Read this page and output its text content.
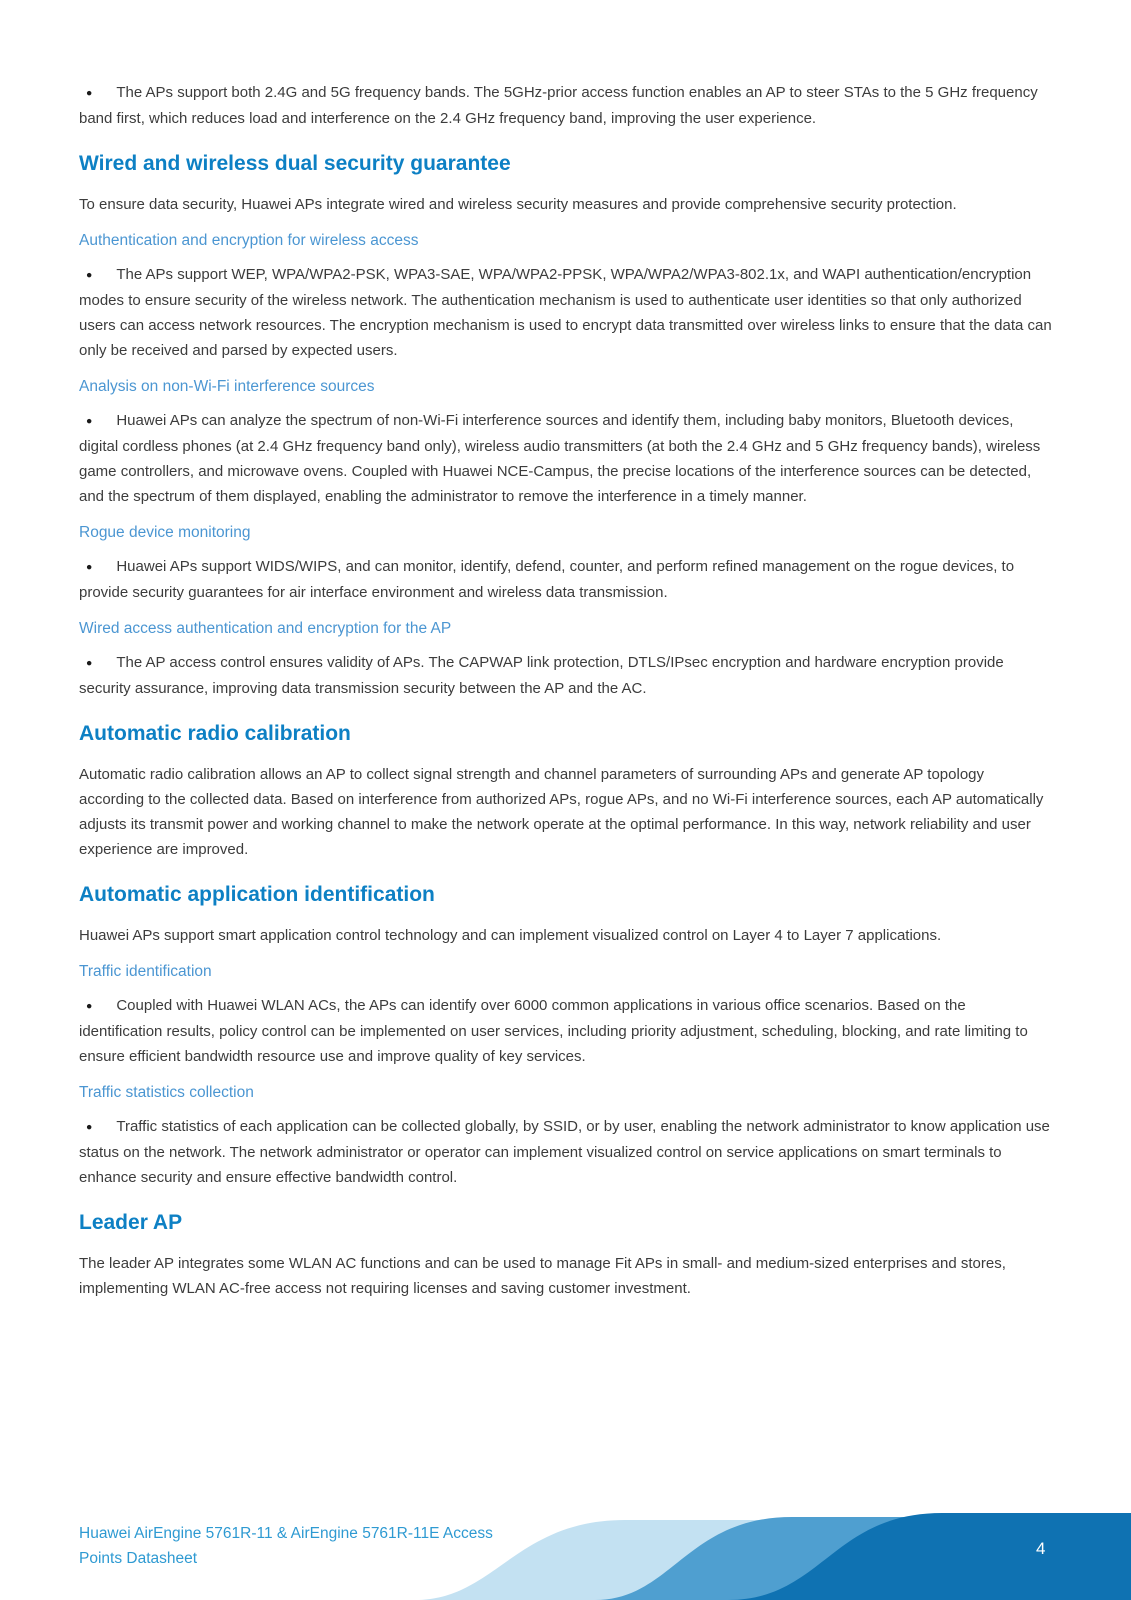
● The APs support both 2.4G and 5G frequency bands. The 5GHz-prior access function enables an AP to steer STAs to the 5 GHz frequency band first, which reduces load and interference on the 2.4 GHz frequency band, improving the user experience.

Wired and wireless dual security guarantee

To ensure data security, Huawei APs integrate wired and wireless security measures and provide comprehensive security protection.

Authentication and encryption for wireless access

● The APs support WEP, WPA/WPA2-PSK, WPA3-SAE, WPA/WPA2-PPSK, WPA/WPA2/WPA3-802.1x, and WAPI authentication/encryption modes to ensure security of the wireless network. The authentication mechanism is used to authenticate user identities so that only authorized users can access network resources. The encryption mechanism is used to encrypt data transmitted over wireless links to ensure that the data can only be received and parsed by expected users.

Analysis on non-Wi-Fi interference sources

● Huawei APs can analyze the spectrum of non-Wi-Fi interference sources and identify them, including baby monitors, Bluetooth devices, digital cordless phones (at 2.4 GHz frequency band only), wireless audio transmitters (at both the 2.4 GHz and 5 GHz frequency bands), wireless game controllers, and microwave ovens. Coupled with Huawei NCE-Campus, the precise locations of the interference sources can be detected, and the spectrum of them displayed, enabling the administrator to remove the interference in a timely manner.

Rogue device monitoring

● Huawei APs support WIDS/WIPS, and can monitor, identify, defend, counter, and perform refined management on the rogue devices, to provide security guarantees for air interface environment and wireless data transmission.

Wired access authentication and encryption for the AP

● The AP access control ensures validity of APs. The CAPWAP link protection, DTLS/IPsec encryption and hardware encryption provide security assurance, improving data transmission security between the AP and the AC.

Automatic radio calibration

Automatic radio calibration allows an AP to collect signal strength and channel parameters of surrounding APs and generate AP topology according to the collected data. Based on interference from authorized APs, rogue APs, and no Wi-Fi interference sources, each AP automatically adjusts its transmit power and working channel to make the network operate at the optimal performance. In this way, network reliability and user experience are improved.

Automatic application identification

Huawei APs support smart application control technology and can implement visualized control on Layer 4 to Layer 7 applications.

Traffic identification

● Coupled with Huawei WLAN ACs, the APs can identify over 6000 common applications in various office scenarios. Based on the identification results, policy control can be implemented on user services, including priority adjustment, scheduling, blocking, and rate limiting to ensure efficient bandwidth resource use and improve quality of key services.

Traffic statistics collection

● Traffic statistics of each application can be collected globally, by SSID, or by user, enabling the network administrator to know application use status on the network. The network administrator or operator can implement visualized control on service applications on smart terminals to enhance security and ensure effective bandwidth control.

Leader AP

The leader AP integrates some WLAN AC functions and can be used to manage Fit APs in small- and medium-sized enterprises and stores, implementing WLAN AC-free access not requiring licenses and saving customer investment.

Huawei AirEngine 5761R-11 & AirEngine 5761R-11E Access
Points Datasheet
4
